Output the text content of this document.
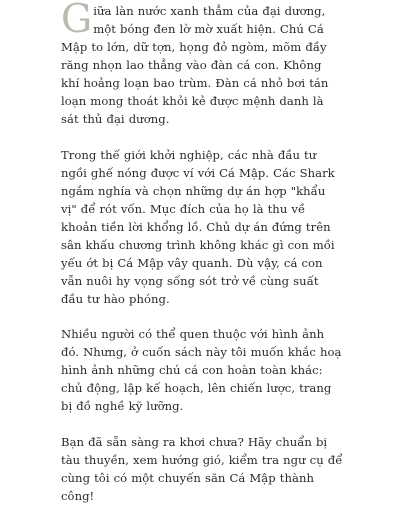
Giữa làn nước xanh thẳm của đại dương, một bóng đen lờ mờ xuất hiện. Chú Cá Mập to lớn, dữ tợn, họng đỏ ngòm, mõm đầy răng nhọn lao thẳng vào đàn cá con. Không khí hoảng loạn bao trùm. Đàn cá nhỏ bơi tán loạn mong thoát khỏi kẻ được mệnh danh là sát thủ đại dương.

Trong thế giới khởi nghiệp, các nhà đầu tư ngồi ghế nóng được ví với Cá Mập. Các Shark ngắm nghía và chọn những dự án hợp "khẩu vị" để rót vốn. Mục đích của họ là thu về khoản tiền lời khổng lồ. Chủ dự án đứng trên sân khấu chương trình không khác gì con mồi yếu ớt bị Cá Mập vây quanh. Dù vậy, cá con vẫn nuôi hy vọng sống sót trở về cùng suất đầu tư hào phóng.

Nhiều người có thể quen thuộc với hình ảnh đó. Nhưng, ở cuốn sách này tôi muốn khắc hoạ hình ảnh những chú cá con hoàn toàn khác: chủ động, lập kế hoạch, lên chiến lược, trang bị đồ nghề kỹ lưỡng.

Bạn đã sẵn sàng ra khơi chưa? Hãy chuẩn bị tàu thuyền, xem hướng gió, kiểm tra ngư cụ để cùng tôi có một chuyến săn Cá Mập thành công!
